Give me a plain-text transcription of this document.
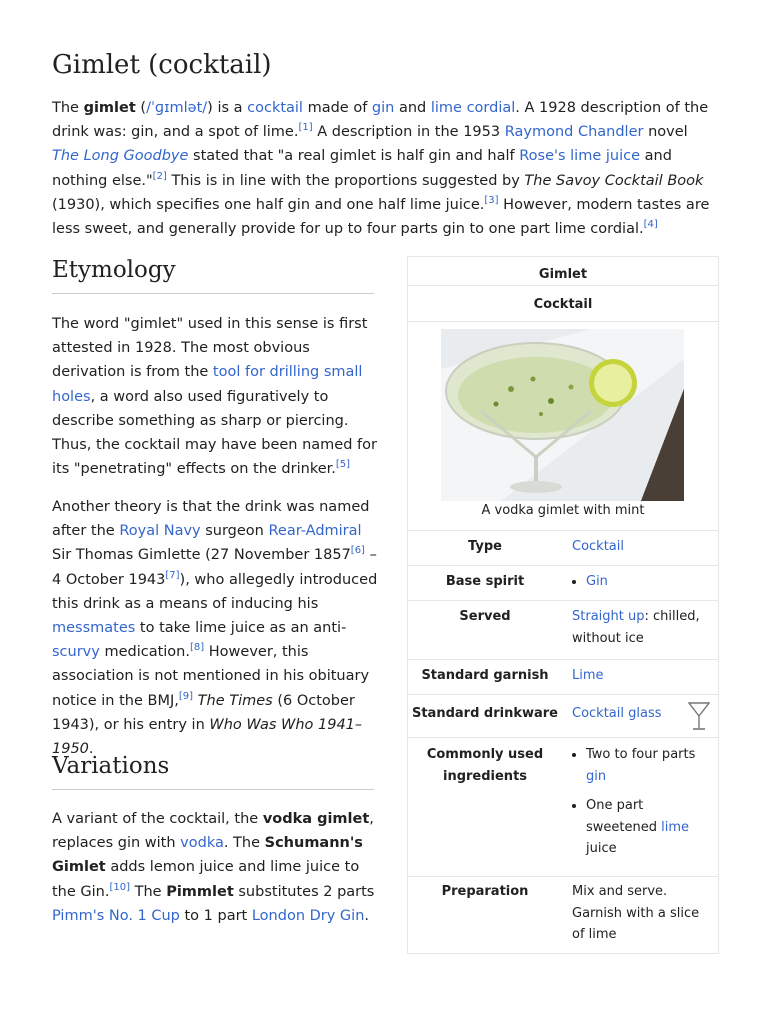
Gimlet (cocktail)

The gimlet (/ˈɡɪmlət/) is a cocktail made of gin and lime cordial. A 1928 description of the drink was: gin, and a spot of lime.[1] A description in the 1953 Raymond Chandler novel The Long Goodbye stated that "a real gimlet is half gin and half Rose's lime juice and nothing else."[2] This is in line with the proportions suggested by The Savoy Cocktail Book (1930), which specifies one half gin and one half lime juice.[3] However, modern tastes are less sweet, and generally provide for up to four parts gin to one part lime cordial.[4]

Etymology

The word "gimlet" used in this sense is first attested in 1928. The most obvious derivation is from the tool for drilling small holes, a word also used figuratively to describe something as sharp or piercing. Thus, the cocktail may have been named for its "penetrating" effects on the drinker.[5]

Another theory is that the drink was named after the Royal Navy surgeon Rear-Admiral Sir Thomas Gimlette (27 November 1857[6] – 4 October 1943[7]), who allegedly introduced this drink as a means of inducing his messmates to take lime juice as an anti-scurvy medication.[8] However, this association is not mentioned in his obituary notice in the BMJ,[9] The Times (6 October 1943), or his entry in Who Was Who 1941–1950.

Variations

A variant of the cocktail, the vodka gimlet, replaces gin with vodka. The Schumann's Gimlet adds lemon juice and lime juice to the Gin.[10] The Pimmlet substitutes 2 parts Pimm's No. 1 Cup to 1 part London Dry Gin.

Gimlet
Cocktail
A vodka gimlet with mint
Type	Cocktail
Base spirit
•	Gin
Served	Straight up: chilled, without ice
Standard garnish	Lime
Standard drinkware	Cocktail glass
Commonly used ingredients
• Two to four parts gin
• One part sweetened lime juice
Preparation	Mix and serve. Garnish with a slice of lime
